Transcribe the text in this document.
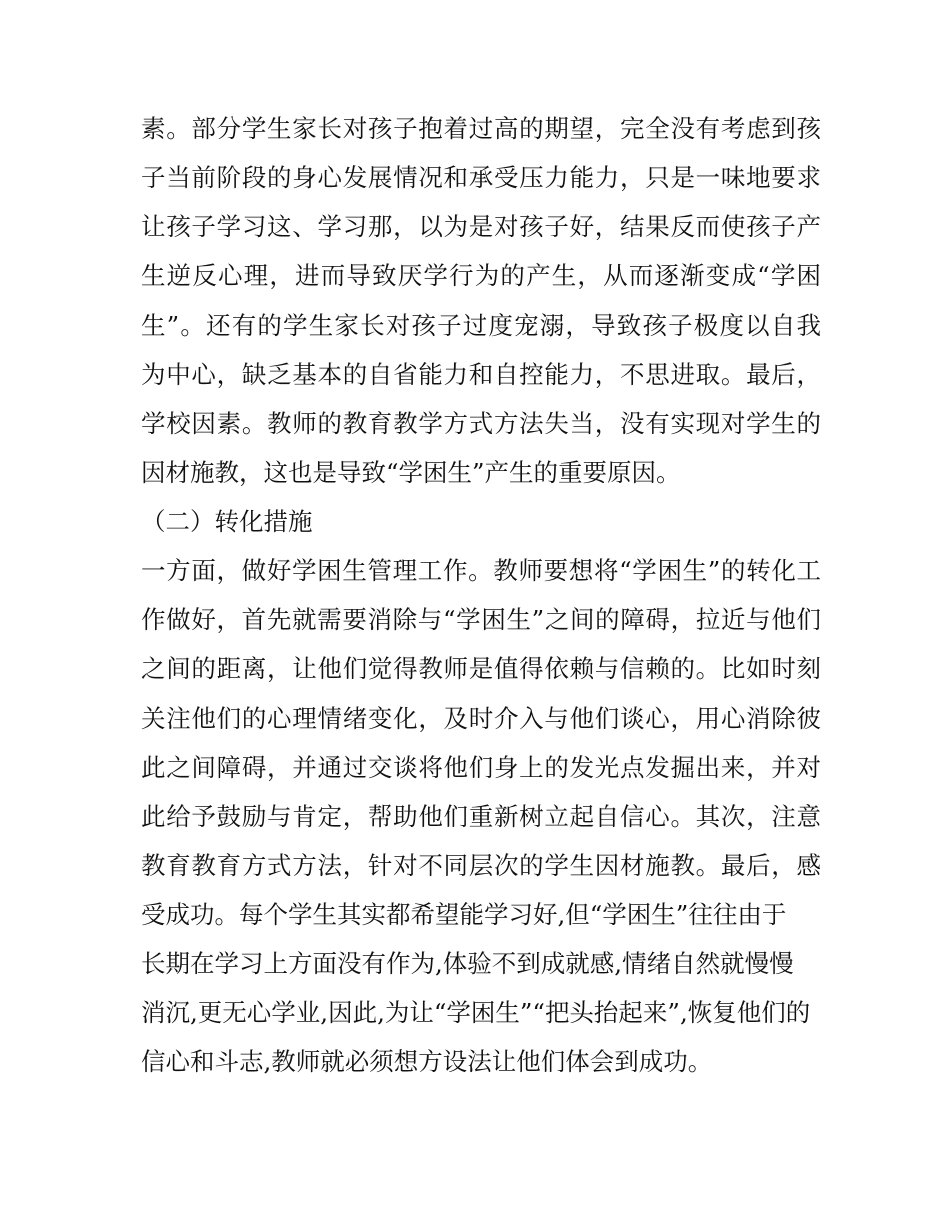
素。部分学生家长对孩子抱着过高的期望，完全没有考虑到孩
子当前阶段的身心发展情况和承受压力能力，只是一味地要求
让孩子学习这、学习那，以为是对孩子好，结果反而使孩子产
生逆反心理，进而导致厌学行为的产生，从而逐渐变成“学困
生”。还有的学生家长对孩子过度宠溺，导致孩子极度以自我
为中心，缺乏基本的自省能力和自控能力，不思进取。最后，
学校因素。教师的教育教学方式方法失当，没有实现对学生的
因材施教，这也是导致“学困生”产生的重要原因。
（二）转化措施
一方面，做好学困生管理工作。教师要想将“学困生”的转化工
作做好，首先就需要消除与“学困生”之间的障碍，拉近与他们
之间的距离，让他们觉得教师是值得依赖与信赖的。比如时刻
关注他们的心理情绪变化，及时介入与他们谈心，用心消除彼
此之间障碍，并通过交谈将他们身上的发光点发掘出来，并对
此给予鼓励与肯定，帮助他们重新树立起自信心。其次，注意
教育教育方式方法，针对不同层次的学生因材施教。最后，感
受成功。每个学生其实都希望能学习好,但“学困生”往往由于
长期在学习上方面没有作为,体验不到成就感,情绪自然就慢慢
消沉,更无心学业,因此,为让“学困生”“把头抬起来”,恢复他们的
信心和斗志,教师就必须想方设法让他们体会到成功。
